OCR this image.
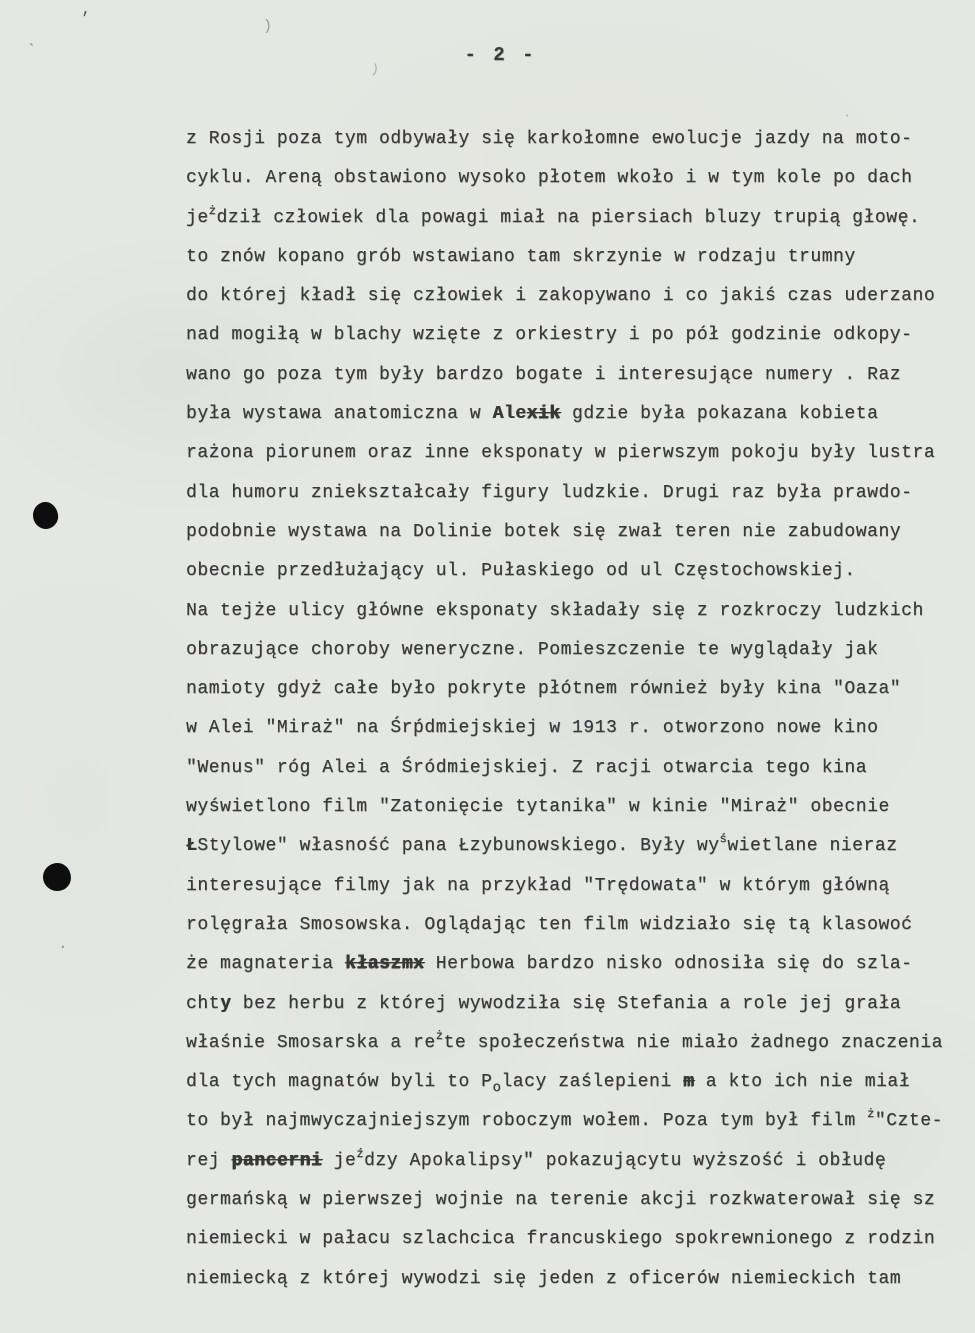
- 2 -
z Rosji poza tym odbywały się karkołomne ewolucje jazdy na moto-
cyklu. Areną obstawiono wysoko płotem wkoło i w tym kole po dach
$je^żdził$ człowiek dla powagi miał na piersiach bluzy trupią głowę.
to znów kopano grób wstawiano tam skrzynie w rodzaju trumny
do której kładł się człowiek i zakopywano i co jakiś czas uderzano
nad mogiłą w blachy wzięte z orkiestry i po pół godzinie odkopy-
wano go poza tym były bardzo bogate i interesujące numery . Raz
była wystawa anatomiczna w Alexik gdzie była pokazana kobieta
rażona piorunem oraz inne eksponaty w pierwszym pokoju były lustra
dla humoru zniekształcały figury ludzkie. Drugi raz była prawdo-
podobnie wystawa na Dolinie botek się zwał teren nie zabudowany
obecnie przedłużający ul. Pułaskiego od ul Częstochowskiej.
Na tejże ulicy główne eksponaty składały się z rozkroczy ludzkich
obrazujące choroby weneryczne. Pomieszczenie te wyglądały jak
namioty gdyż całe było pokryte płótnem również były kina "Oaza"
w Alei "Miraż" na Śrṕdmiejskiej w 1913 r. otworzono nowe kino
"Wenus" róg Alei a Śródmiejskiej. Z racji otwarcia tego kina
wyświetlono film "Zatonięcie tytanika" w kinie "Miraż" obecnie
ŁStylowe" własność pana Łzybunowskiego. Były $wy^świetlane$ nieraz
interesujące filmy jak na przykład "Trędowata" w którym główną
rolęgrała Smosowska. Oglądając ten film widziało się tą klasowoć
że magnateria kłaszmx Herbowa bardzo nisko odnosiła się do szla-
chty bez herbu z której wywodziła się Stefania a role jej grała
właśnie Smosarska a $re^żte$ społeczeństwa nie miało żadnego znaczenia
dla tych magnatów byli to $P_olacy$ zaślepieni m a kto ich nie miał
to był najmwyczajniejszym roboczym wołem. Poza tym był film $^ż$"Czte-
rej pancerni $je^źdzy$ Apokalipsy" pokazującytu wyższość i obłudę
germańską w pierwszej wojnie na terenie akcji rozkwaterował się sz
niemiecki w pałacu szlachcica francuskiego spokrewnionego z rodzin
niemiecką z której wywodzi się jeden z oficerów niemieckich tam
'
`
)
)
·
·
